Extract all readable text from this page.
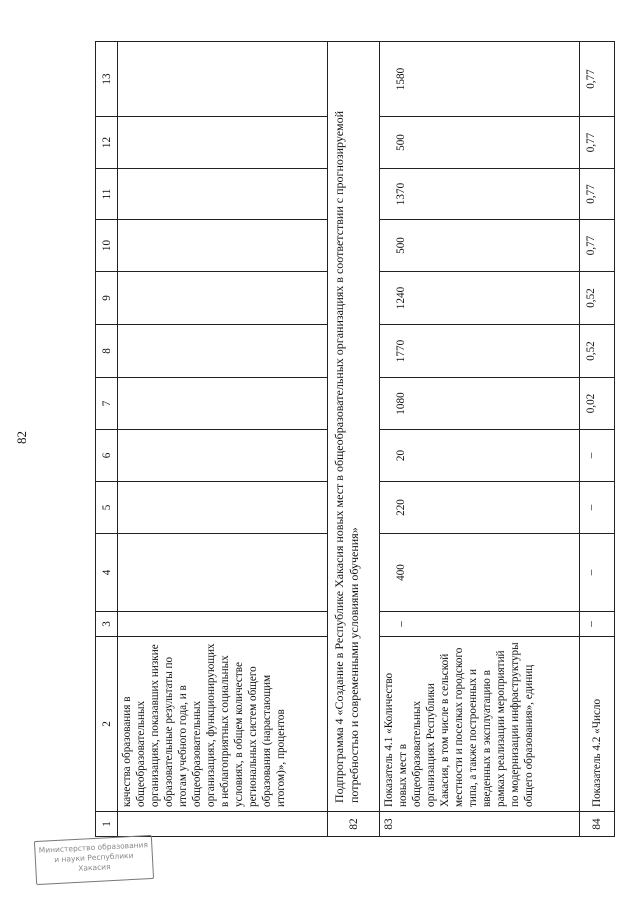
82
1	2	3	4	5	6	7	8	9	10	11	12	13
	качества образования в общеобразовательных организациях, показавших низкие образовательные результаты по итогам учебного года, и в общеобразовательных организациях, функционирующих в неблагоприятных социальных условиях, в общем количестве региональных систем общего образования (нарастающим итогом)», процентов											
82	Подпрограмма 4 «Создание в Республике Хакасия новых мест в общеобразовательных организациях в соответствии с прогнозируемой потребностью и современными условиями обучения»											
83	Показатель 4.1 «Количество новых мест в общеобразовательных организациях Республики Хакасия, в том числе в сельской местности и поселках городского типа, а также построенных и введенных в эксплуатацию в рамках реализации мероприятий по модернизации инфраструктуры общего образования», единиц	–	400	220	20	1080	1770	1240	500	1370	500	1580
84	Показатель 4.2 «Число	–	–	–	–	0,02	0,52	0,52	0,77	0,77	0,77	0,77
Министерство образования и науки Республики Хакасия
